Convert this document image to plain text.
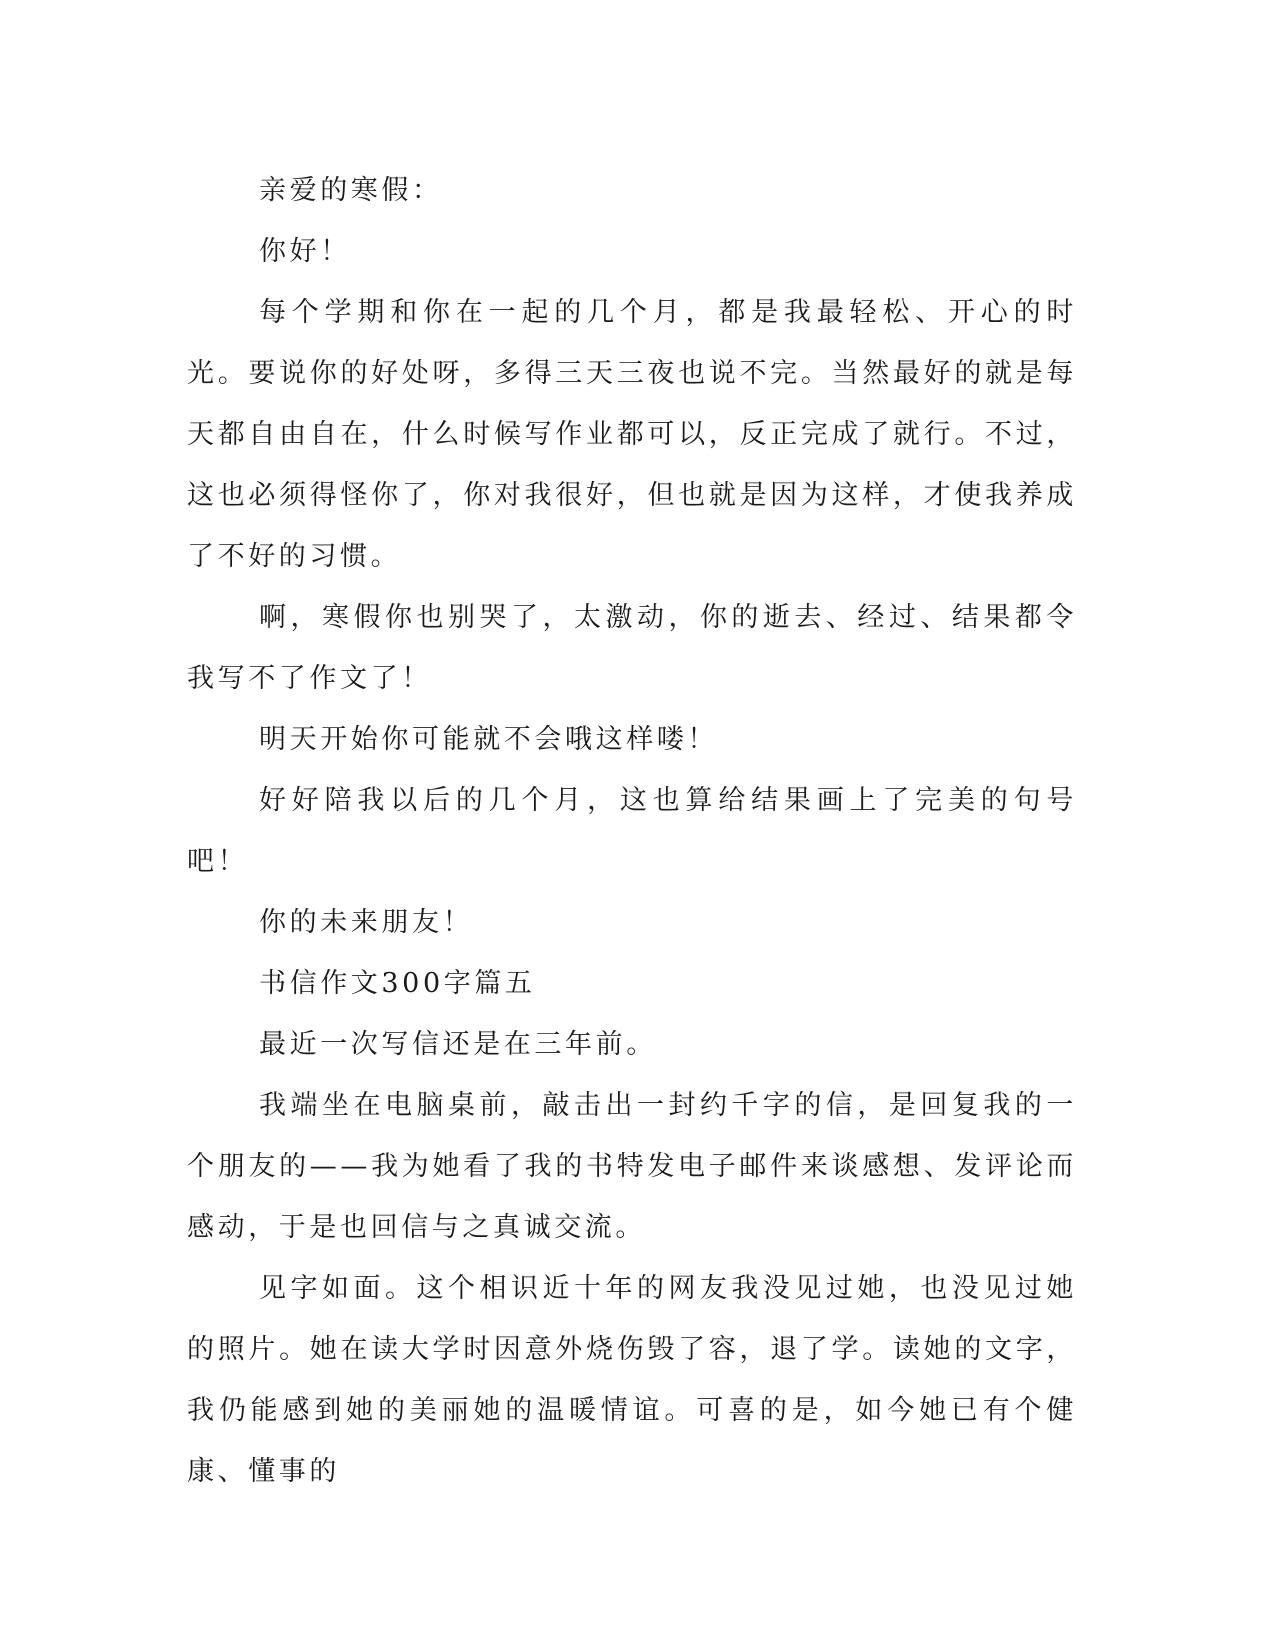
亲爱的寒假：

你好！

每个学期和你在一起的几个月，都是我最轻松、开心的时光。要说你的好处呀，多得三天三夜也说不完。当然最好的就是每天都自由自在，什么时候写作业都可以，反正完成了就行。不过，这也必须得怪你了，你对我很好，但也就是因为这样，才使我养成了不好的习惯。

啊，寒假你也别哭了，太激动，你的逝去、经过、结果都令我写不了作文了！

明天开始你可能就不会哦这样喽！

好好陪我以后的几个月，这也算给结果画上了完美的句号吧！

你的未来朋友！

书信作文300字篇五

最近一次写信还是在三年前。

我端坐在电脑桌前，敲击出一封约千字的信，是回复我的一个朋友的——我为她看了我的书特发电子邮件来谈感想、发评论而感动，于是也回信与之真诚交流。

见字如面。这个相识近十年的网友我没见过她，也没见过她的照片。她在读大学时因意外烧伤毁了容，退了学。读她的文字，我仍能感到她的美丽她的温暖情谊。可喜的是，如今她已有个健康、懂事的
